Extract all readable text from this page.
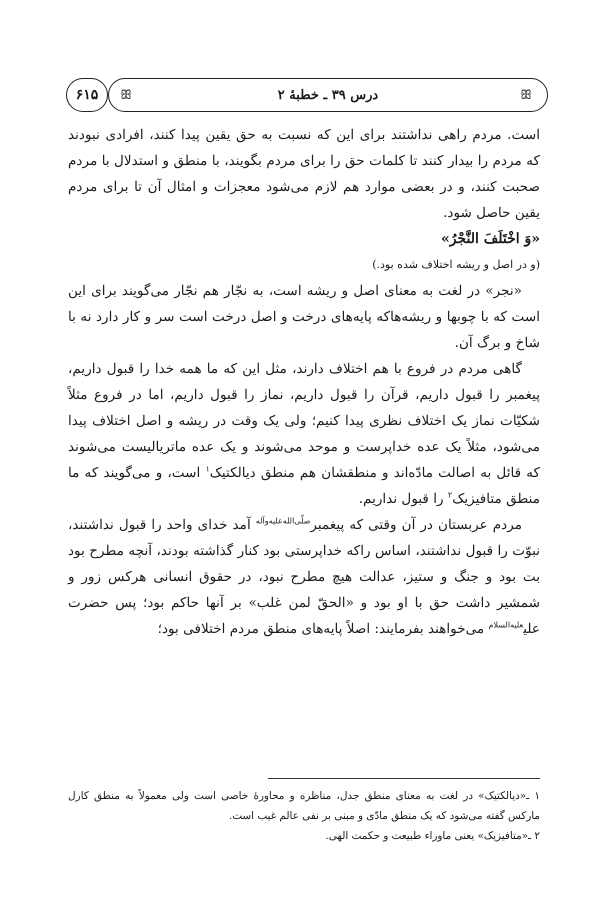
۶۱۵ ꕥ	ꕥ
درس ۳۹ ـ خطبهٔ ۲

است. مردم راهی نداشتند برای این که نسبت به حق یقین پیدا کنند، افرادی نبودند که مردم را بیدار کنند تا کلمات حق را برای مردم بگویند، با منطق و استدلال با مردم صحبت کنند، و در بعضی موارد هم لازم می‌شود معجزات و امثال آن تا برای مردم یقین حاصل شود.

«وَ اخْتَلَفَ النَّجْرُ»

(و در اصل و ریشه اختلاف شده بود.)

«نجر» در لغت به معنای اصل و ریشه است، به نجّار هم نجّار می‌گویند برای این است که با چوبها و ریشه‌هاکه پایه‌های درخت و اصل درخت است سر و کار دارد نه با شاخ و برگ آن.

گاهی مردم در فروع با هم اختلاف دارند، مثل این که ما همه خدا را قبول داریم، پیغمبر را قبول داریم، قرآن را قبول داریم، نماز را قبول داریم، اما در فروع مثلاً شکیّات نماز یک اختلاف نظری پیدا کنیم؛ ولی یک وقت در ریشه و اصل اختلاف پیدا می‌شود، مثلاً یک عده خداپرست و موحد می‌شوند و یک عده ماتریالیست می‌شوند که قائل به اصالت مادّه‌اند و منطقشان هم منطق دیالکتیک$^۱$ است، و می‌گویند که ما منطق متافیزیک$^۲$ را قبول نداریم.

مردم عربستان در آن وقتی که پیغمبر$^{صلّی‌الله‌علیه‌وآله}$ آمد خدای واحد را قبول نداشتند، نبوّت را قبول نداشتند، اساس راکه خداپرستی بود کنار گذاشته بودند، آنچه مطرح بود بت بود و جنگ و ستیز، عدالت هیچ مطرح نبود، در حقوق انسانی هرکس زور و شمشیر داشت حق با او بود و «الحقّ لمن غلب» بر آنها حاکم بود؛ پس حضرت علی$^{علیه‌السلام}$ می‌خواهند بفرمایند: اصلاً پایه‌های منطق مردم اختلافی بود؛

۱ ـ«دیالکتیک» در لغت به معنای منطق جدل، مناظره و محاورهٔ خاصی است ولی معمولاً به منطق کارل مارکس گفته می‌شود که یک منطق مادّی و مبنی بر نفی عالم غیب است.

۲ ـ«متافیزیک» یعنی ماوراء طبیعت و حکمت الهی.
